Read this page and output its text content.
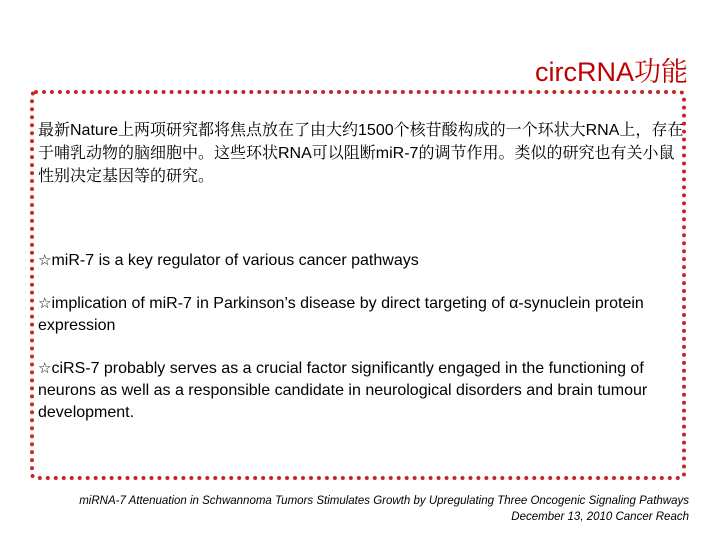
circRNA功能

最新Nature上两项研究都将焦点放在了由大约1500个核苷酸构成的一个环状大RNA上，存在于哺乳动物的脑细胞中。这些环状RNA可以阻断miR-7的调节作用。类似的研究也有关小鼠性别决定基因等的研究。

☆miR-7 is a key regulator of various cancer pathways

☆implication of miR-7 in Parkinson’s disease by direct targeting of α-synuclein protein expression

☆ciRS-7 probably serves as a crucial factor significantly engaged in the functioning of neurons as well as a responsible candidate in neurological disorders and brain tumour development.

miRNA-7 Attenuation in Schwannoma Tumors Stimulates Growth by Upregulating Three Oncogenic Signaling Pathways
December 13, 2010 Cancer Reach
